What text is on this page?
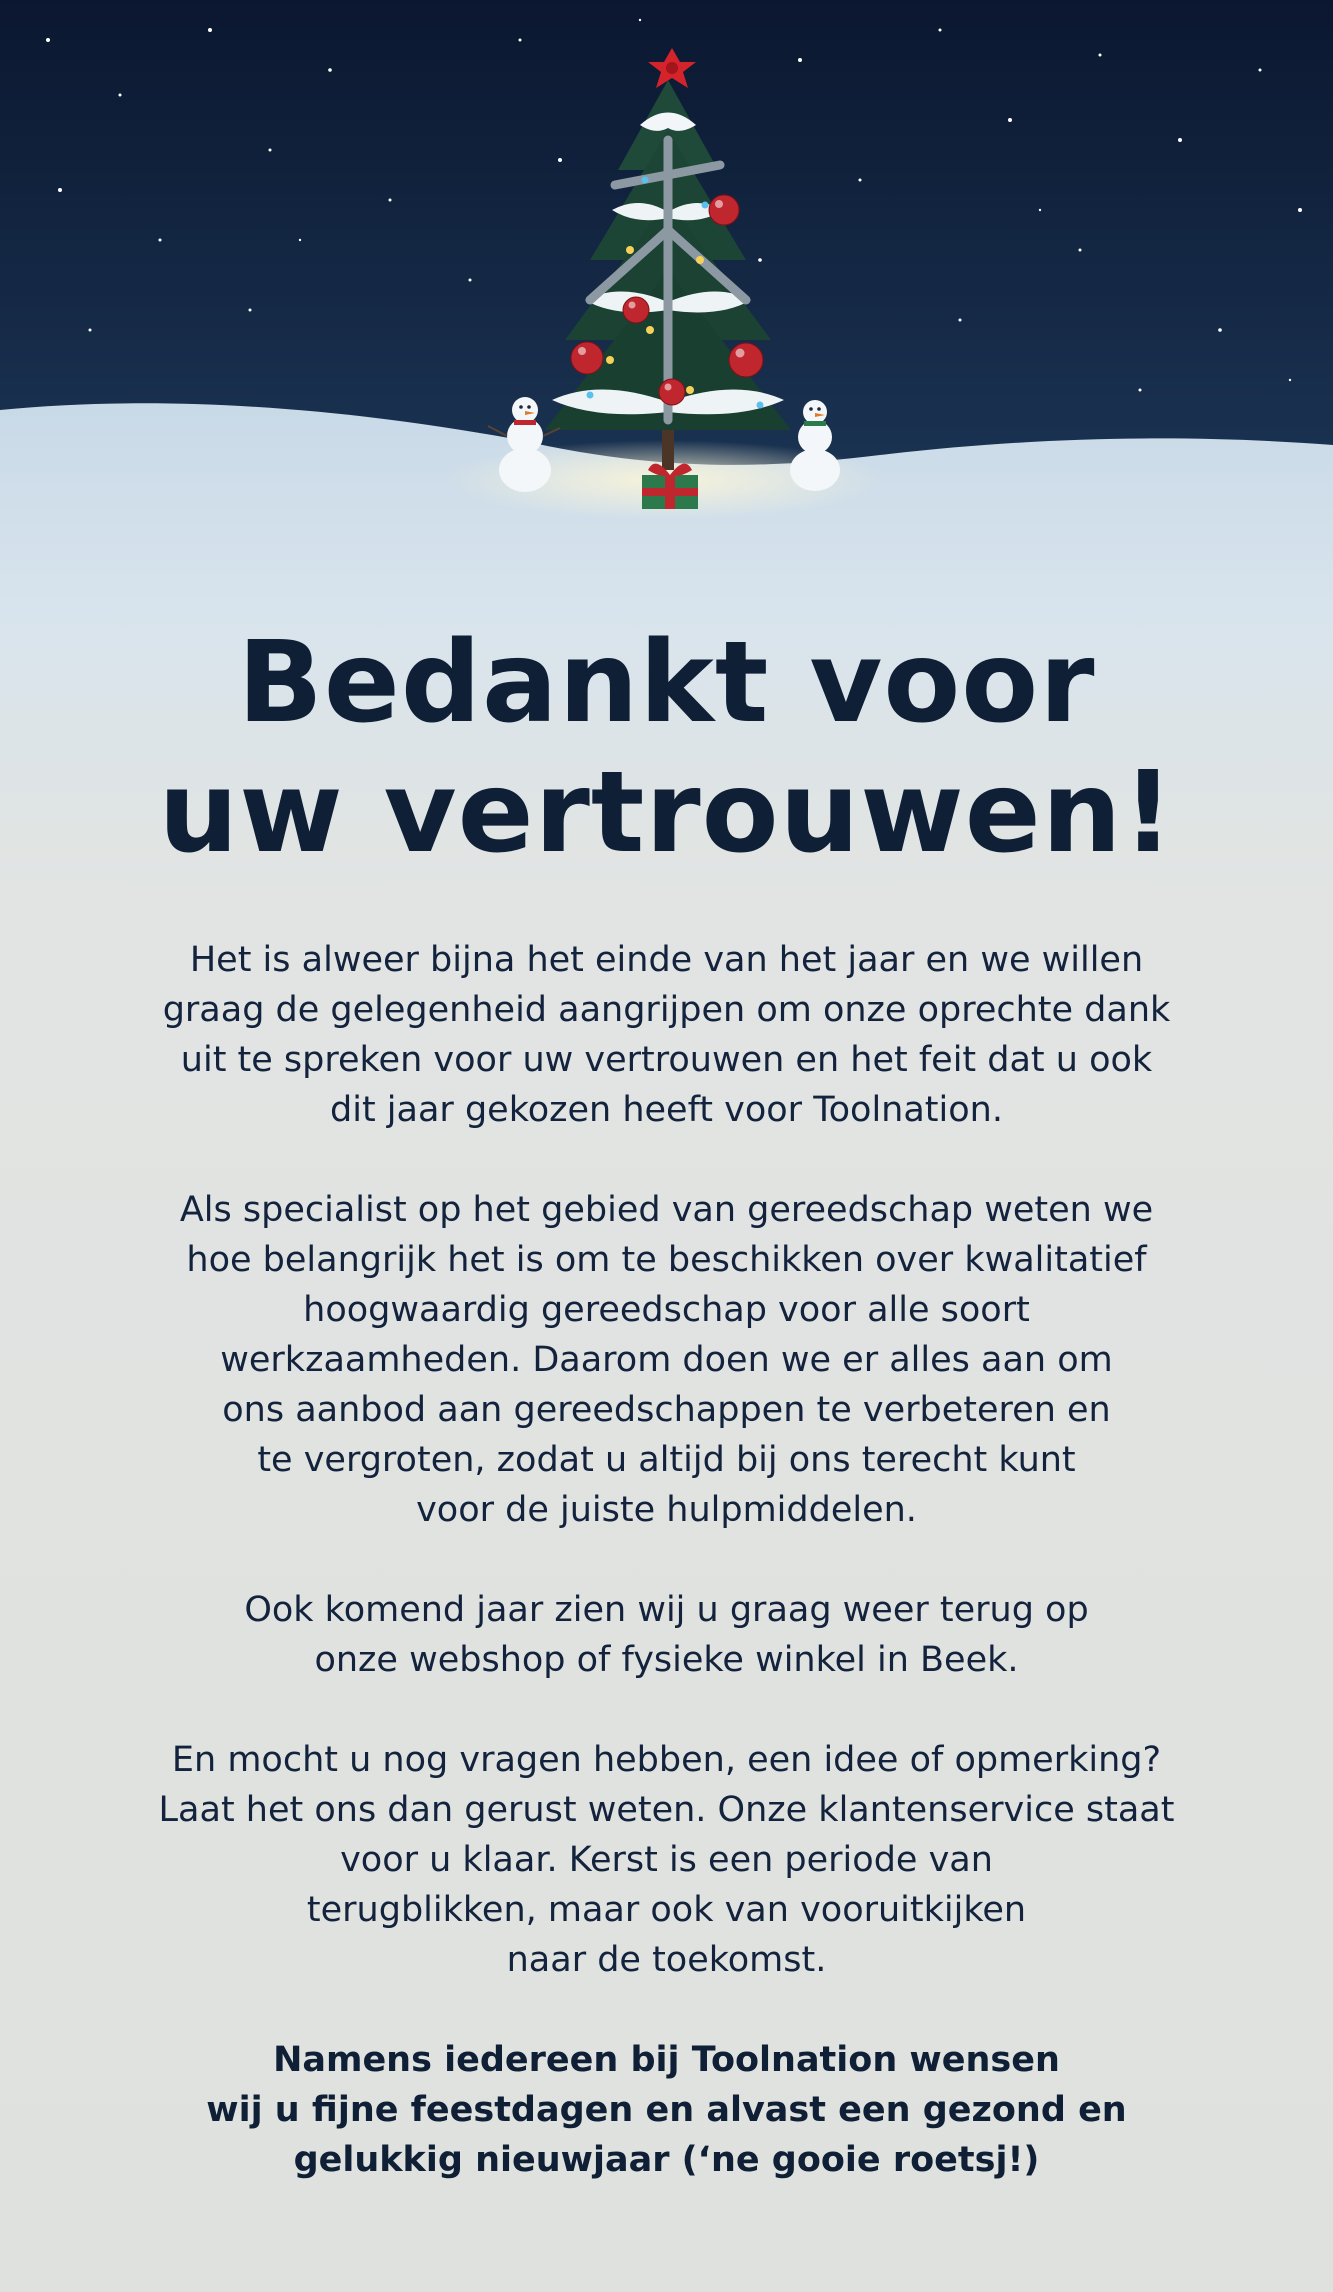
Bedankt voor
uw vertrouwen!

Het is alweer bijna het einde van het jaar en we willen
graag de gelegenheid aangrijpen om onze oprechte dank
uit te spreken voor uw vertrouwen en het feit dat u ook
dit jaar gekozen heeft voor Toolnation.

Als specialist op het gebied van gereedschap weten we
hoe belangrijk het is om te beschikken over kwalitatief
hoogwaardig gereedschap voor alle soort
werkzaamheden. Daarom doen we er alles aan om
ons aanbod aan gereedschappen te verbeteren en
te vergroten, zodat u altijd bij ons terecht kunt
voor de juiste hulpmiddelen.

Ook komend jaar zien wij u graag weer terug op
onze webshop of fysieke winkel in Beek.

En mocht u nog vragen hebben, een idee of opmerking?
Laat het ons dan gerust weten. Onze klantenservice staat
voor u klaar. Kerst is een periode van
terugblikken, maar ook van vooruitkijken
naar de toekomst.

Namens iedereen bij Toolnation wensen
wij u fijne feestdagen en alvast een gezond en
gelukkig nieuwjaar (‘ne gooie roetsj!)
